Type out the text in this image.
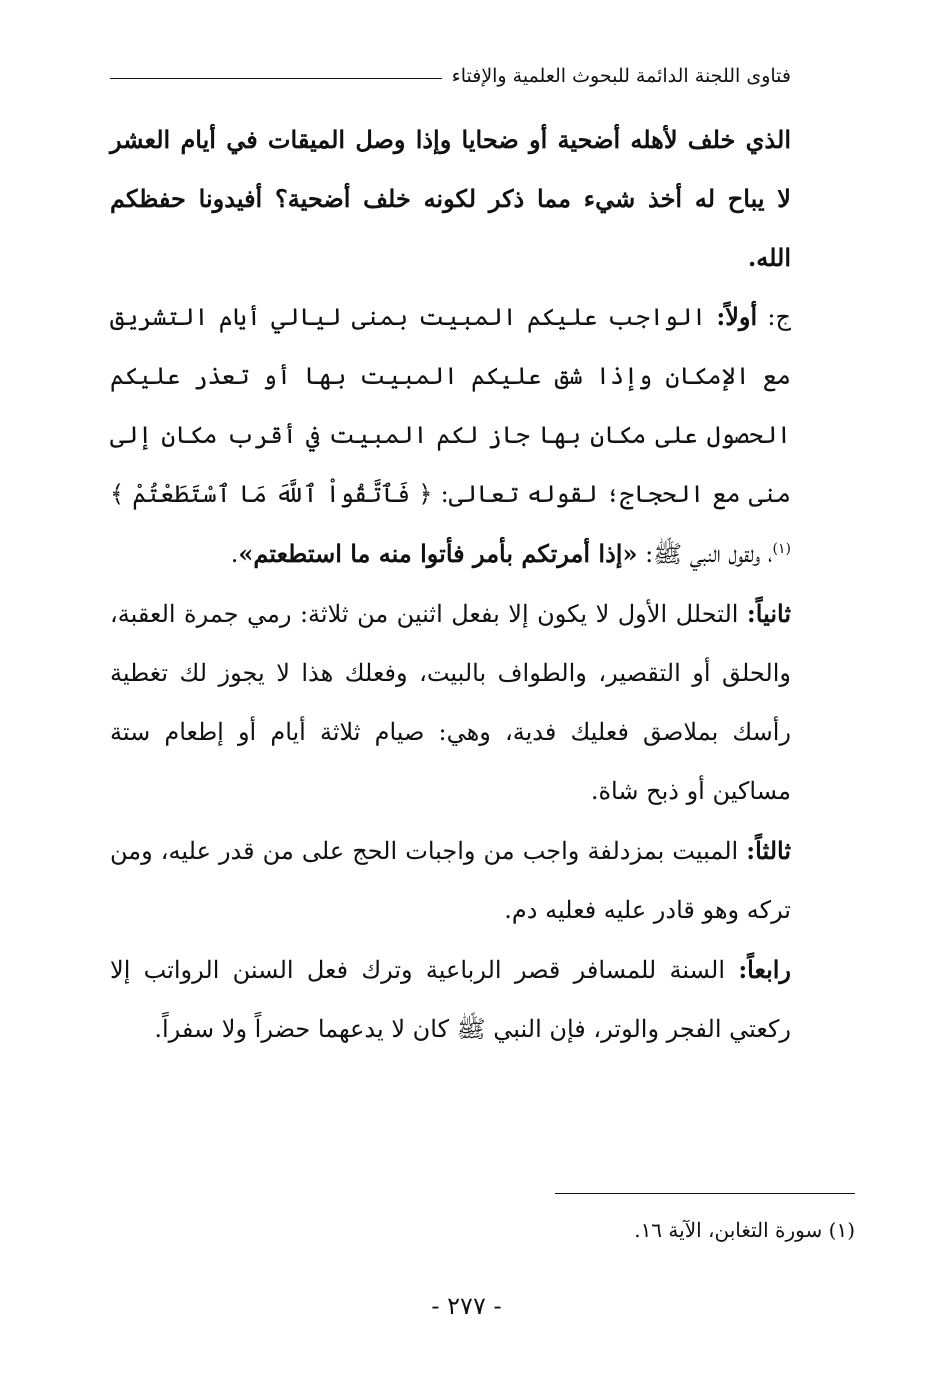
فتاوى اللجنة الدائمة للبحوث العلمية والإفتاء

الذي خلف لأهله أضحية أو ضحايا وإذا وصل الميقات في أيام العشر لا يباح له أخذ شيء مما ذكر لكونه خلف أضحية؟ أفيدونا حفظكم الله.

ج: أولاً: الواجب عليكم المبيت بمنى ليالي أيام التشريق مع الإمكان وإذا شق عليكم المبيت بها أو تعذر عليكم الحصول على مكان بها جاز لكم المبيت في أقرب مكان إلى منى مع الحجاج؛ لقوله تعالى: ﴿ فَٱتَّقُواْ ٱللَّهَ مَا ٱسْتَطَعْتُمْ ﴾$^{(١)}$، ولقول النبي ﷺ: «إذا أمرتكم بأمر فأتوا منه ما استطعتم».

ثانياً: التحلل الأول لا يكون إلا بفعل اثنين من ثلاثة: رمي جمرة العقبة، والحلق أو التقصير، والطواف بالبيت، وفعلك هذا لا يجوز لك تغطية رأسك بملاصق فعليك فدية، وهي: صيام ثلاثة أيام أو إطعام ستة مساكين أو ذبح شاة.

ثالثاً: المبيت بمزدلفة واجب من واجبات الحج على من قدر عليه، ومن تركه وهو قادر عليه فعليه دم.

رابعاً: السنة للمسافر قصر الرباعية وترك فعل السنن الرواتب إلا ركعتي الفجر والوتر، فإن النبي ﷺ كان لا يدعهما حضراً ولا سفراً.

(١) سورة التغابن، الآية ١٦.
- ٢٧٧ -
